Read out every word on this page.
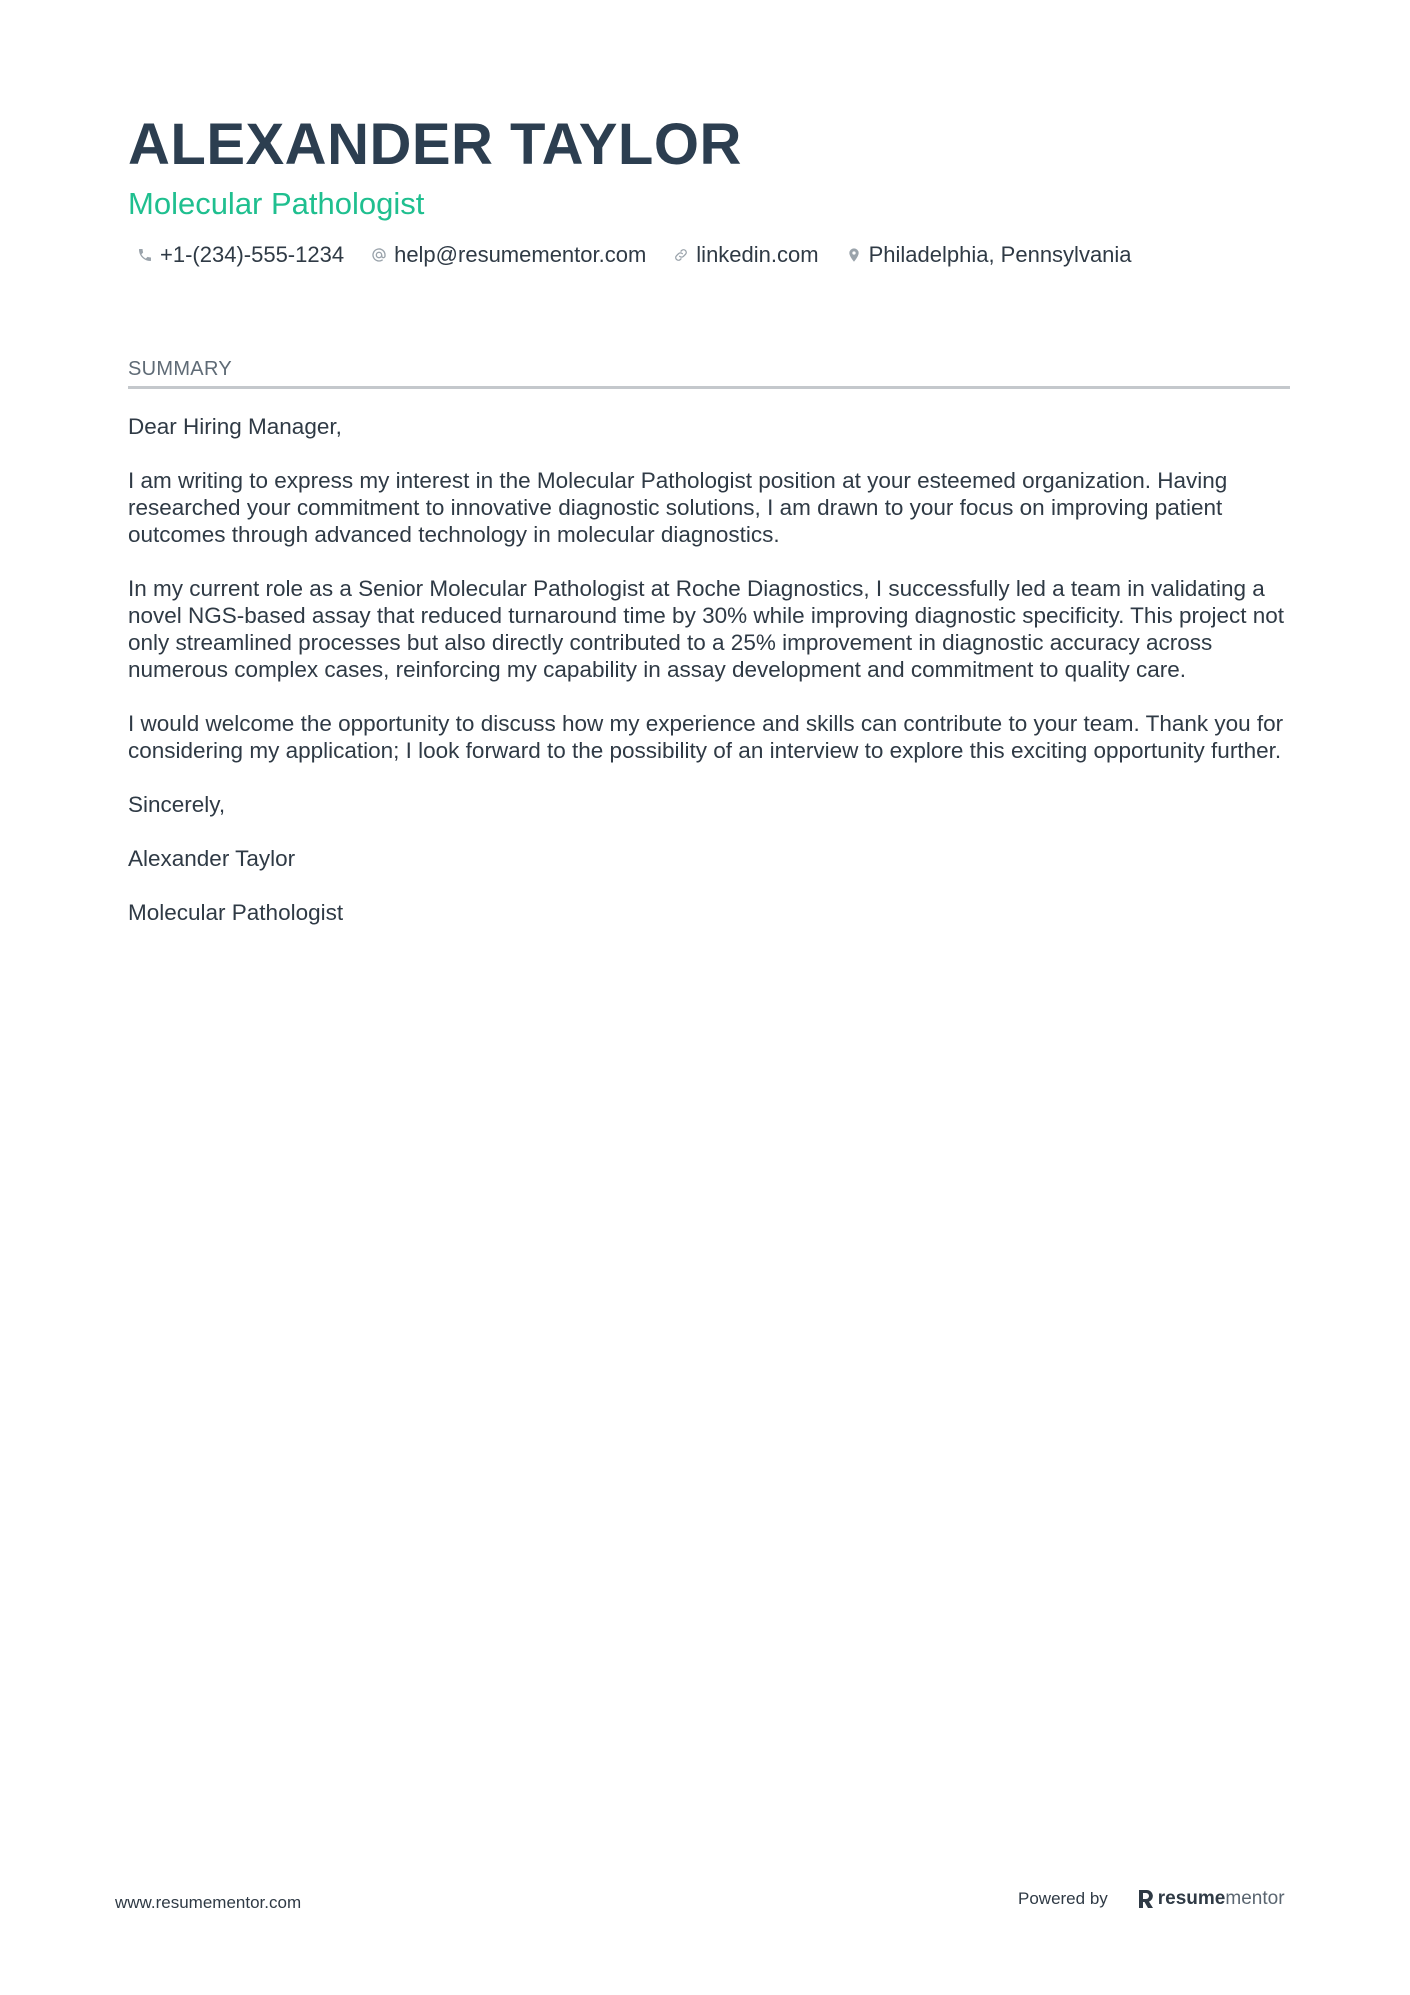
ALEXANDER TAYLOR
Molecular Pathologist
+1-(234)-555-1234 help@resumementor.com linkedin.com Philadelphia, Pennsylvania
SUMMARY

Dear Hiring Manager,

I am writing to express my interest in the Molecular Pathologist position at your esteemed organization. Having researched your commitment to innovative diagnostic solutions, I am drawn to your focus on improving patient outcomes through advanced technology in molecular diagnostics.

In my current role as a Senior Molecular Pathologist at Roche Diagnostics, I successfully led a team in validating a novel NGS-based assay that reduced turnaround time by 30% while improving diagnostic specificity. This project not only streamlined processes but also directly contributed to a 25% improvement in diagnostic accuracy across numerous complex cases, reinforcing my capability in assay development and commitment to quality care.

I would welcome the opportunity to discuss how my experience and skills can contribute to your team. Thank you for considering my application; I look forward to the possibility of an interview to explore this exciting opportunity further.

Sincerely,

Alexander Taylor

Molecular Pathologist

www.resumementor.com	Powered by	resume mentor
